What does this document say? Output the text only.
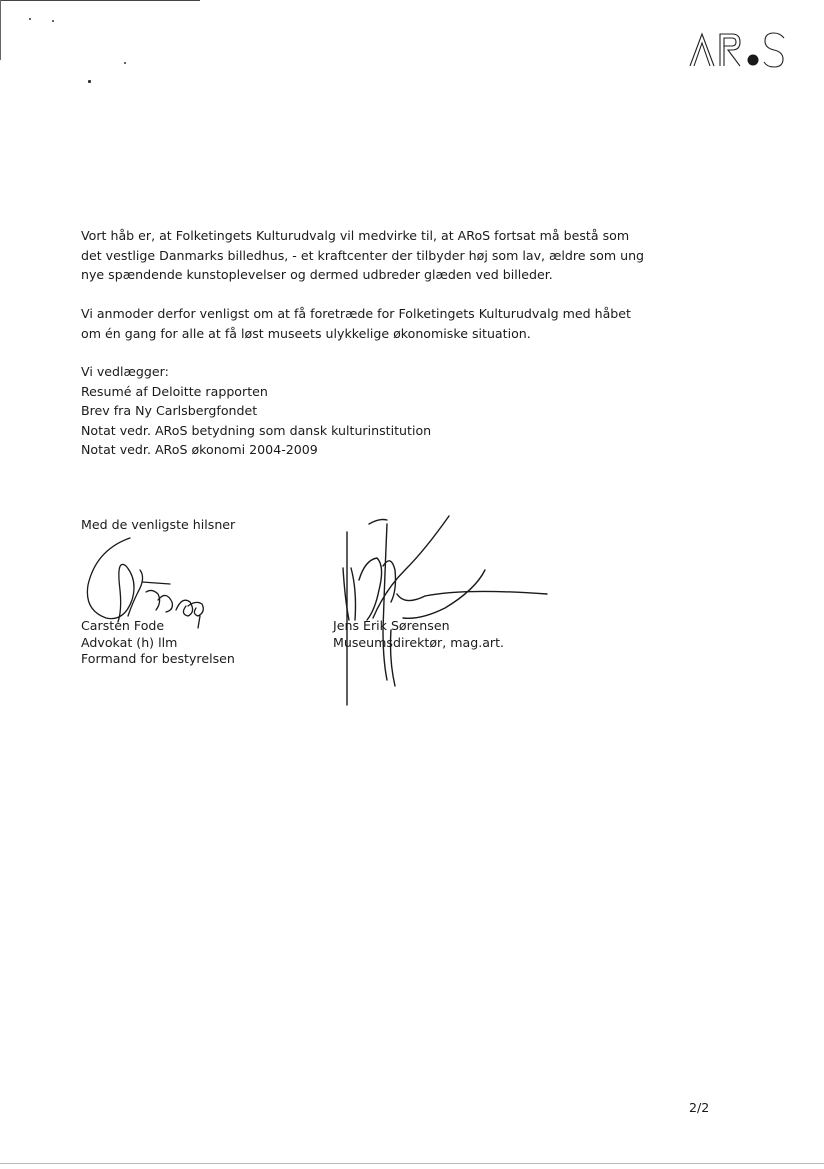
Vort håb er, at Folketingets Kulturudvalg vil medvirke til, at ARoS fortsat må bestå som

det vestlige Danmarks billedhus, - et kraftcenter der tilbyder høj som lav, ældre som ung

nye spændende kunstoplevelser og dermed udbreder glæden ved billeder.

Vi anmoder derfor venligst om at få foretræde for Folketingets Kulturudvalg med håbet

om én gang for alle at få løst museets ulykkelige økonomiske situation.

Vi vedlægger:

Resumé af Deloitte rapporten

Brev fra Ny Carlsbergfondet

Notat vedr. ARoS betydning som dansk kulturinstitution

Notat vedr. ARoS økonomi 2004-2009

Med de venligste hilsner

Carsten Fode

Advokat (h) llm

Formand for bestyrelsen

Jens Erik Sørensen

Museumsdirektør, mag.art.

2/2
